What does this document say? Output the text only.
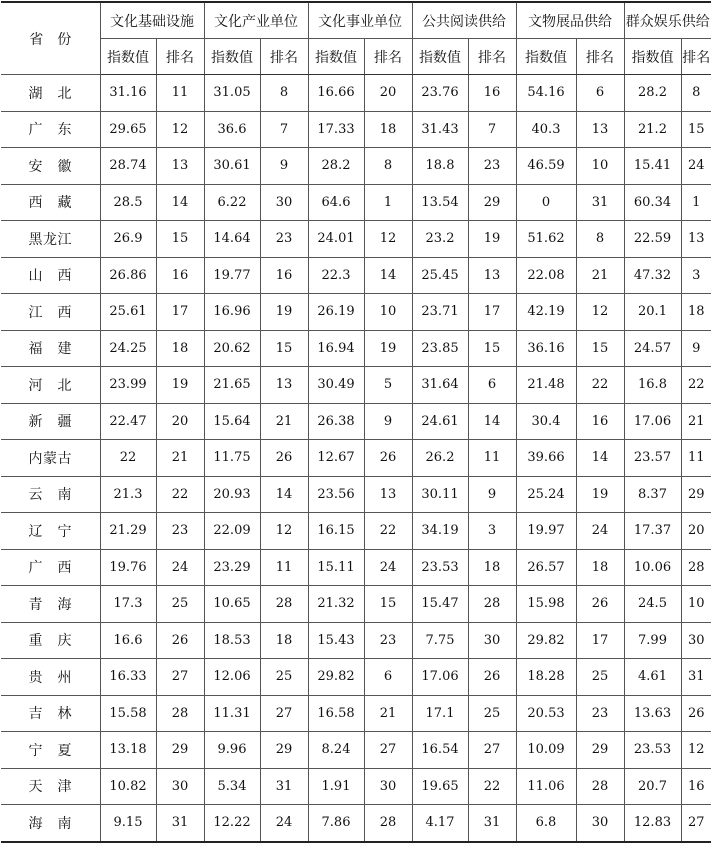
省　份	文化基础设施		文化产业单位		文化事业单位		公共阅读供给		文物展品供给		群众娱乐供给	
	指数值	排名	指数值	排名	指数值	排名	指数值	排名	指数值	排名	指数值	排名
湖　北	31.16	11	31.05	8	16.66	20	23.76	16	54.16	6	28.2	8
广　东	29.65	12	36.6	7	17.33	18	31.43	7	40.3	13	21.2	15
安　徽	28.74	13	30.61	9	28.2	8	18.8	23	46.59	10	15.41	24
西　藏	28.5	14	6.22	30	64.6	1	13.54	29	0	31	60.34	1
黑龙江	26.9	15	14.64	23	24.01	12	23.2	19	51.62	8	22.59	13
山　西	26.86	16	19.77	16	22.3	14	25.45	13	22.08	21	47.32	3
江　西	25.61	17	16.96	19	26.19	10	23.71	17	42.19	12	20.1	18
福　建	24.25	18	20.62	15	16.94	19	23.85	15	36.16	15	24.57	9
河　北	23.99	19	21.65	13	30.49	5	31.64	6	21.48	22	16.8	22
新　疆	22.47	20	15.64	21	26.38	9	24.61	14	30.4	16	17.06	21
内蒙古	22	21	11.75	26	12.67	26	26.2	11	39.66	14	23.57	11
云　南	21.3	22	20.93	14	23.56	13	30.11	9	25.24	19	8.37	29
辽　宁	21.29	23	22.09	12	16.15	22	34.19	3	19.97	24	17.37	20
广　西	19.76	24	23.29	11	15.11	24	23.53	18	26.57	18	10.06	28
青　海	17.3	25	10.65	28	21.32	15	15.47	28	15.98	26	24.5	10
重　庆	16.6	26	18.53	18	15.43	23	7.75	30	29.82	17	7.99	30
贵　州	16.33	27	12.06	25	29.82	6	17.06	26	18.28	25	4.61	31
吉　林	15.58	28	11.31	27	16.58	21	17.1	25	20.53	23	13.63	26
宁　夏	13.18	29	9.96	29	8.24	27	16.54	27	10.09	29	23.53	12
天　津	10.82	30	5.34	31	1.91	30	19.65	22	11.06	28	20.7	16
海　南	9.15	31	12.22	24	7.86	28	4.17	31	6.8	30	12.83	27
